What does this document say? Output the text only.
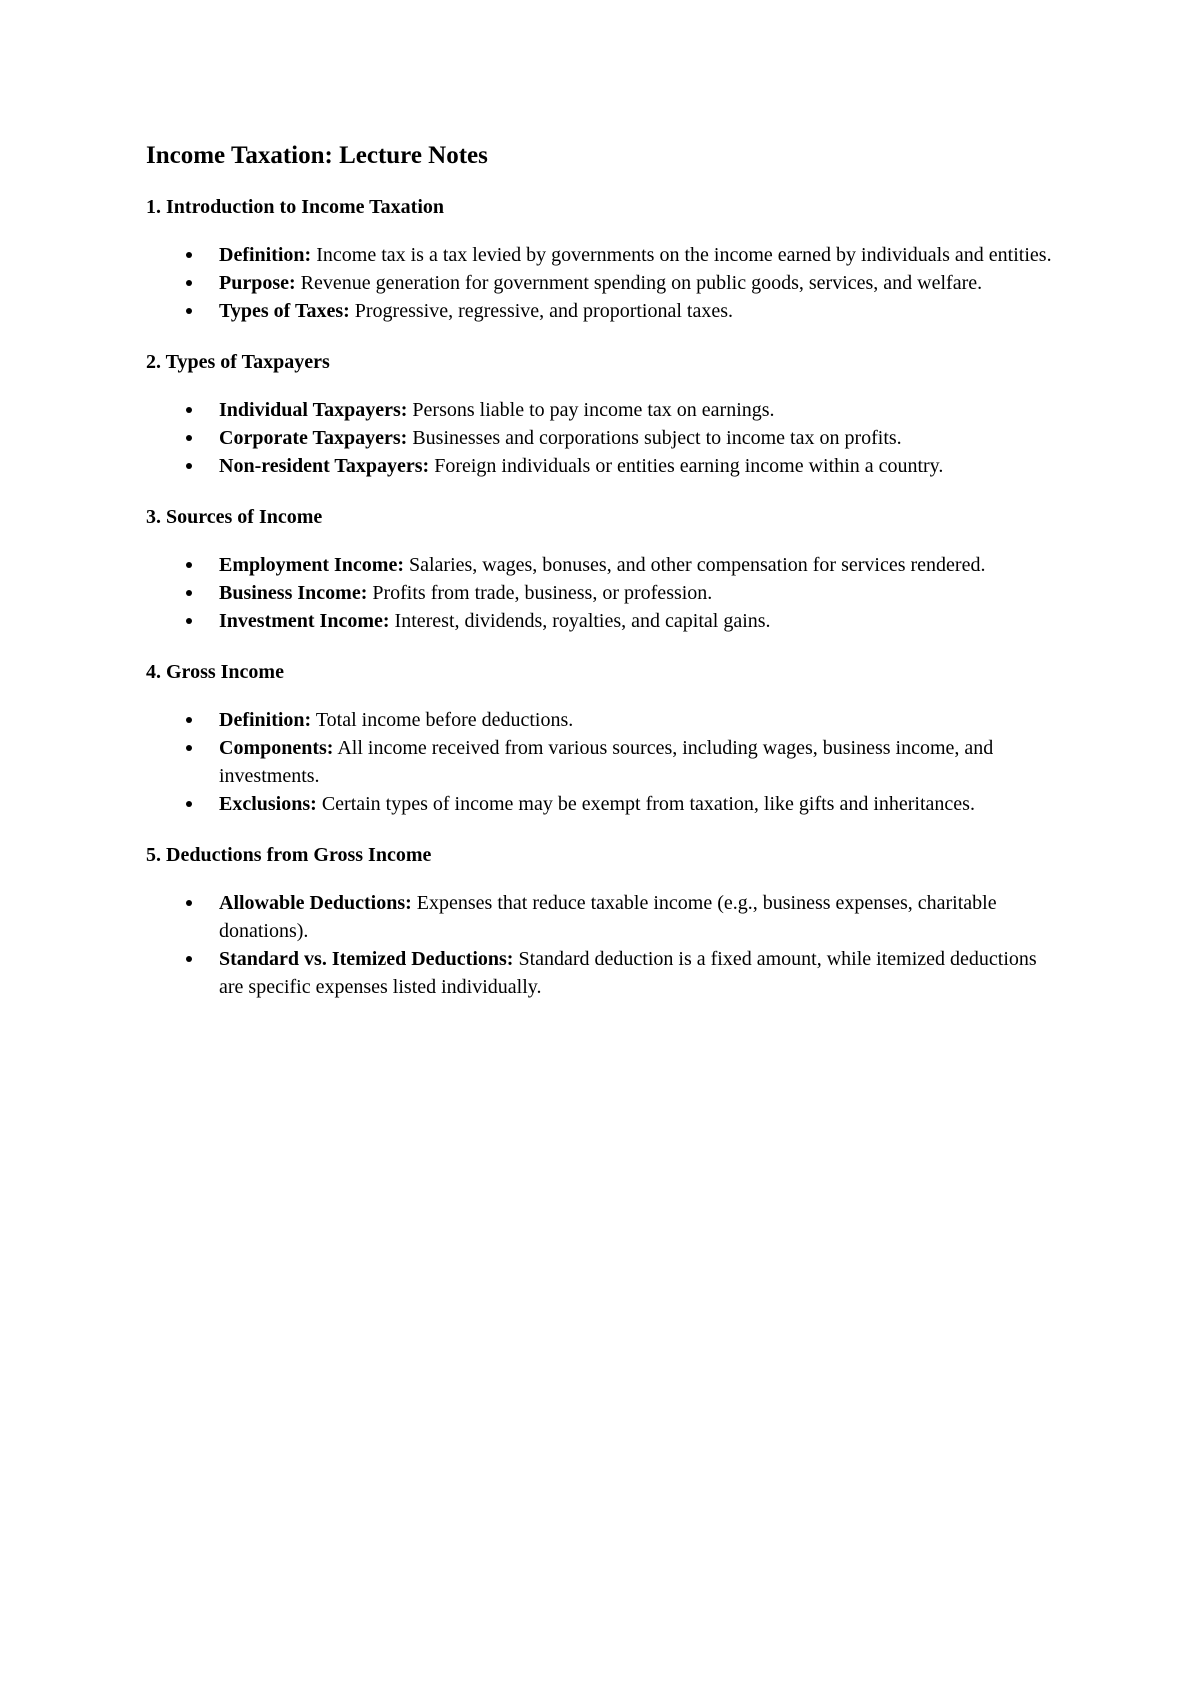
Income Taxation: Lecture Notes
1. Introduction to Income Taxation
Definition: Income tax is a tax levied by governments on the income earned by individuals and entities.
Purpose: Revenue generation for government spending on public goods, services, and welfare.
Types of Taxes: Progressive, regressive, and proportional taxes.
2. Types of Taxpayers
Individual Taxpayers: Persons liable to pay income tax on earnings.
Corporate Taxpayers: Businesses and corporations subject to income tax on profits.
Non-resident Taxpayers: Foreign individuals or entities earning income within a country.
3. Sources of Income
Employment Income: Salaries, wages, bonuses, and other compensation for services rendered.
Business Income: Profits from trade, business, or profession.
Investment Income: Interest, dividends, royalties, and capital gains.
4. Gross Income
Definition: Total income before deductions.
Components: All income received from various sources, including wages, business income, and investments.
Exclusions: Certain types of income may be exempt from taxation, like gifts and inheritances.
5. Deductions from Gross Income
Allowable Deductions: Expenses that reduce taxable income (e.g., business expenses, charitable donations).
Standard vs. Itemized Deductions: Standard deduction is a fixed amount, while itemized deductions are specific expenses listed individually.
